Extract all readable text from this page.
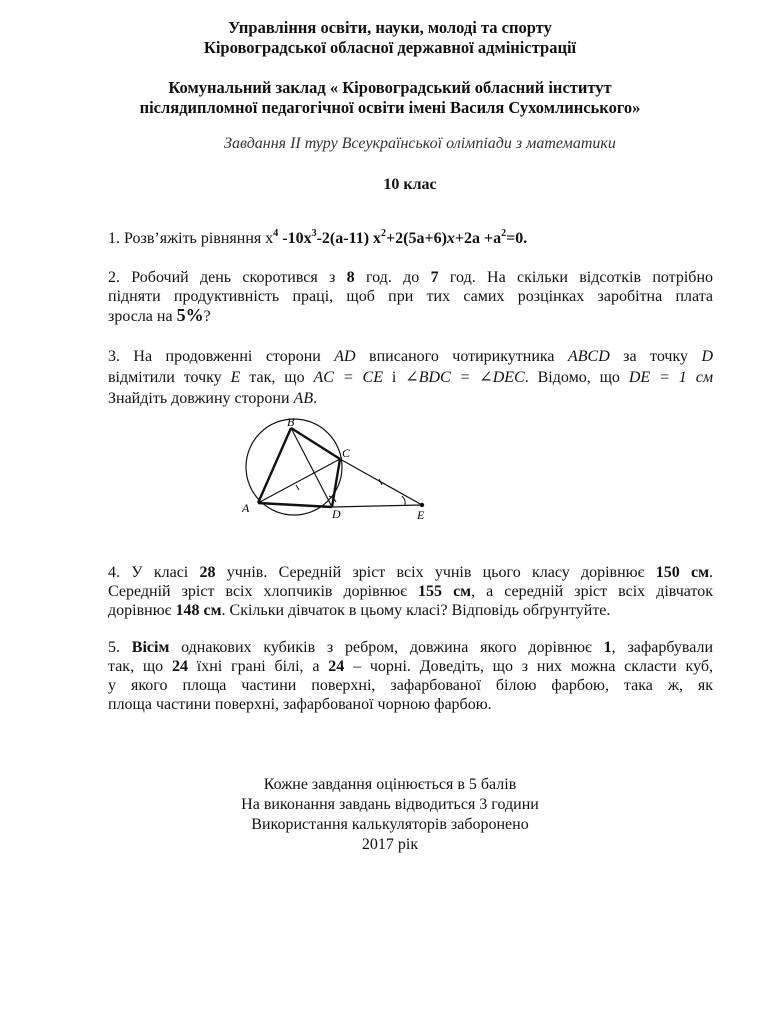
Управління освіти, науки, молоді та спорту
Кіровоградської обласної державної адміністрації
Комунальний заклад « Кіровоградський обласний інститут
післядипломної педагогічної освіти імені Василя Сухомлинського»
Завдання ІІ туру Всеукраїнської олімпіади з математики
10 клас
1. Розв’яжіть рівняння $x^4$ $-10x^3-2(a-11)$ $x^2+2(5a+6)x+2a +a^2=0$.
2. Робочий день скоротився з 8 год. до 7 год. На скільки відсотків потрібно
підняти продуктивність праці, щоб при тих самих розцінках заробітна плата
зросла на 5%?
3. На продовженні сторони AD вписаного чотирикутника ABCD за точку D
відмітили точку E так, що AC = CE і ∠BDC = ∠DEC. Відомо, що DE = 1 см
Знайдіть довжину сторони AB.
A
B
C
D	E
4. У класі 28 учнів. Середній зріст всіх учнів цього класу дорівнює 150 см.
Середній зріст всіх хлопчиків дорівнює 155 см, а середній зріст всіх дівчаток
дорівнює 148 см. Скільки дівчаток в цьому класі? Відповідь обґрунтуйте.
5. Вісім однакових кубиків з ребром, довжина якого дорівнює 1, зафарбували
так, що 24 їхні грані білі, а 24 – чорні. Доведіть, що з них можна скласти куб,
у якого площа частини поверхні, зафарбованої білою фарбою, така ж, як
площа частини поверхні, зафарбованої чорною фарбою.
Кожне завдання оцінюється в 5 балів
На виконання завдань відводиться 3 години
Використання калькуляторів заборонено
2017 рік
